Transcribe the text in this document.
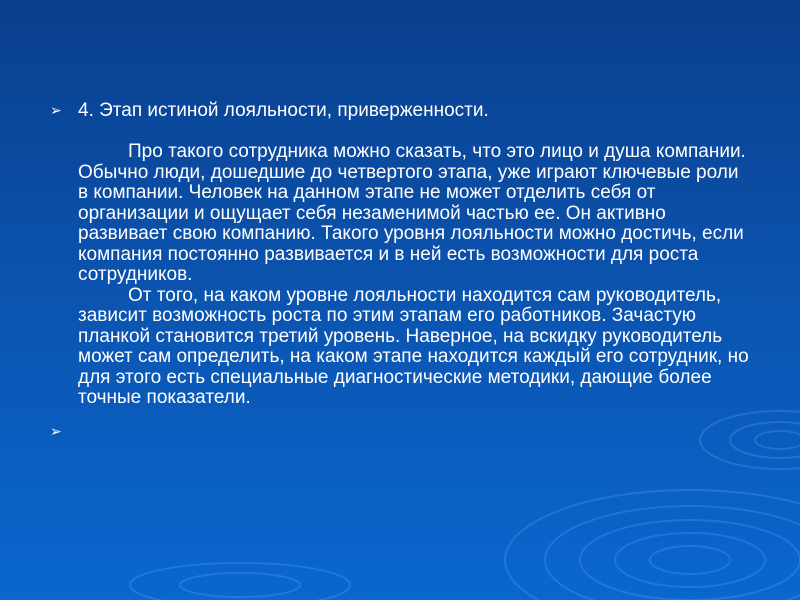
➢ 4. Этап истиной лояльности, приверженности.

Про такого сотрудника можно сказать, что это лицо и душа компании. Обычно люди, дошедшие до четвертого этапа, уже играют ключевые роли в компании. Человек на данном этапе не может отделить себя от организации и ощущает себя незаменимой частью ее. Он активно развивает свою компанию. Такого уровня лояльности можно достичь, если компания постоянно развивается и в ней есть возможности для роста сотрудников.

От того, на каком уровне лояльности находится сам руководитель, зависит возможность роста по этим этапам его работников. Зачастую планкой становится третий уровень. Наверное, на вскидку руководитель может сам определить, на каком этапе находится каждый его сотрудник, но для этого есть специальные диагностические методики, дающие более точные показатели.

➢
